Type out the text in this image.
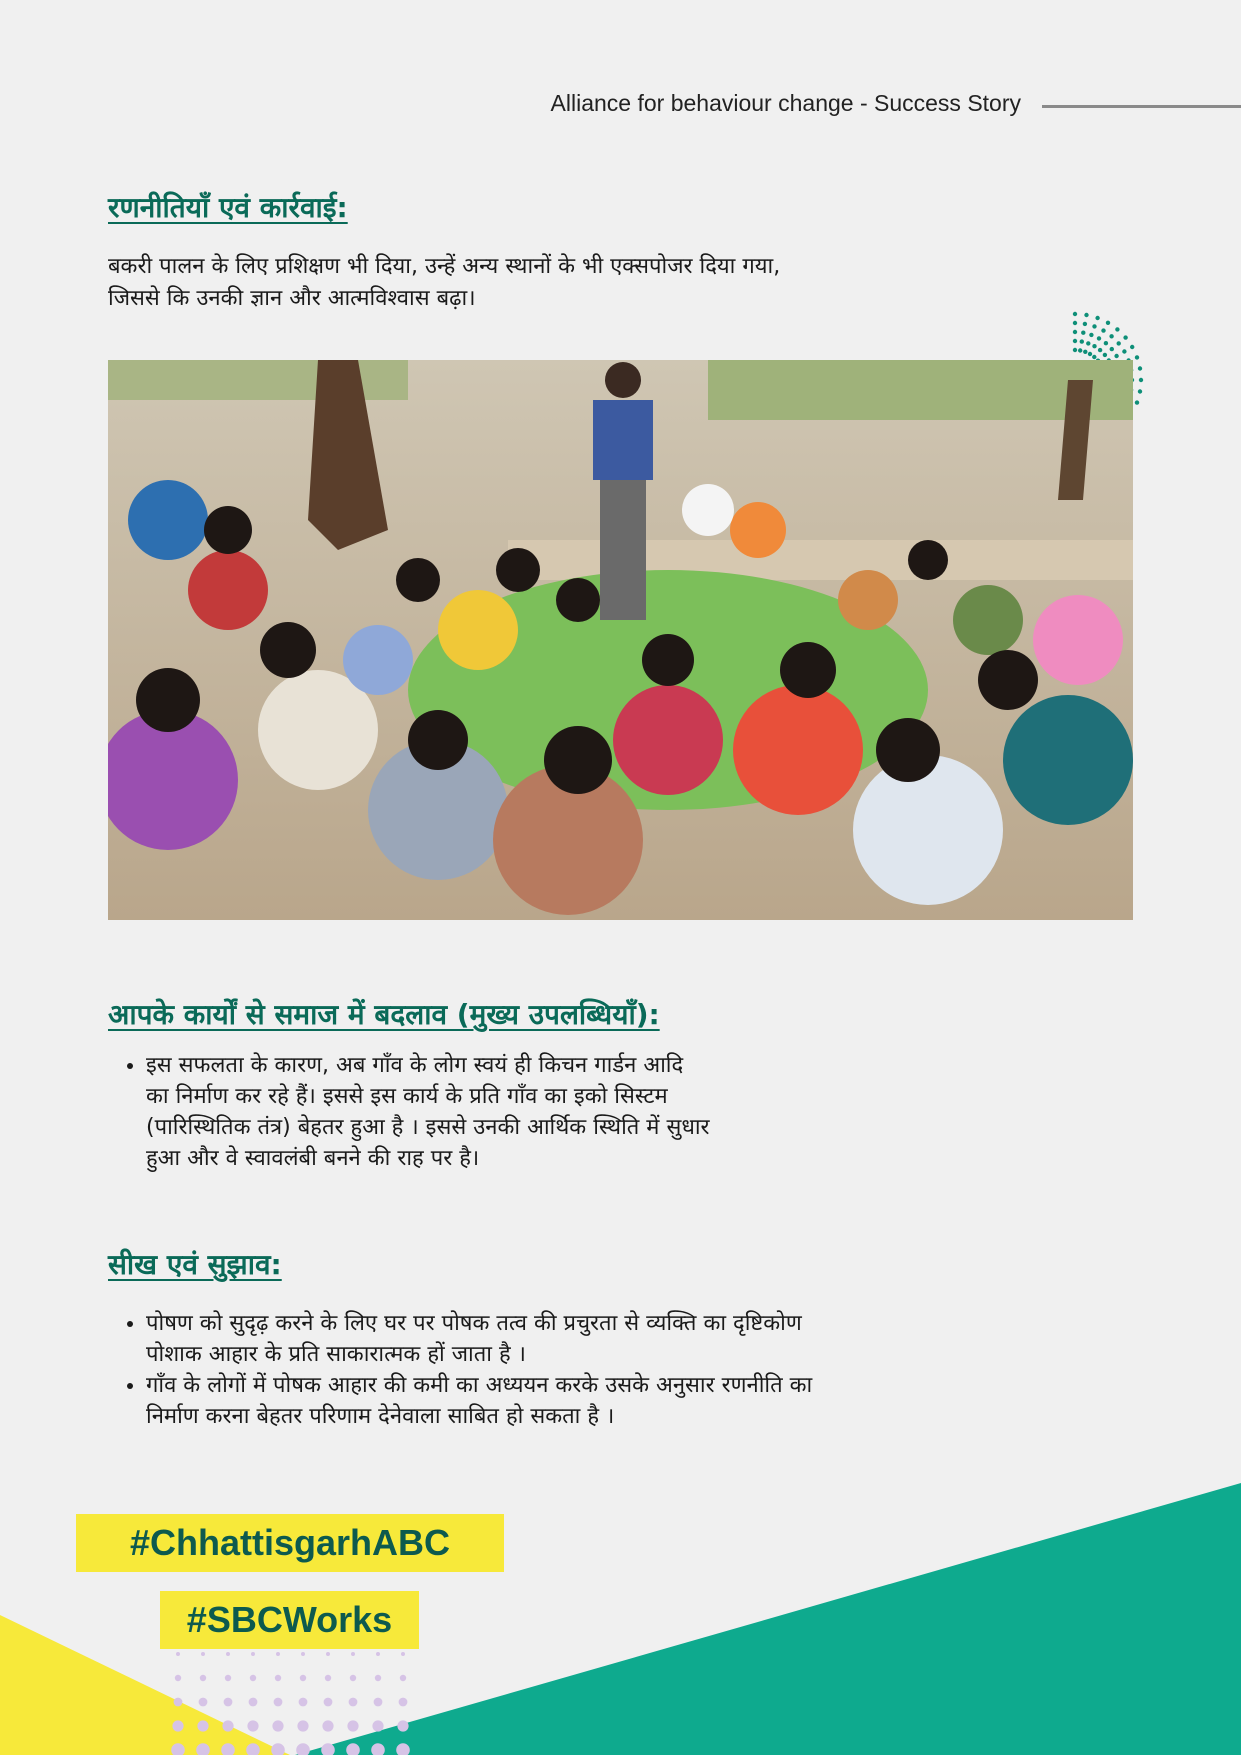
Alliance for behaviour change - Success Story
रणनीतियाँ एवं कार्रवाई:

बकरी पालन के लिए प्रशिक्षण भी दिया, उन्हें अन्य स्थानों के भी एक्सपोजर दिया गया,
जिससे कि उनकी ज्ञान और आत्मविश्वास बढ़ा।

आपके कार्यों से समाज में बदलाव (मुख्य उपलब्धियाँ):
• इस सफलता के कारण, अब गाँव के लोग स्वयं ही किचन गार्डन आदि
का निर्माण कर रहे हैं। इससे इस कार्य के प्रति गाँव का इको सिस्टम
(पारिस्थितिक तंत्र) बेहतर हुआ है । इससे उनकी आर्थिक स्थिति में सुधार
हुआ और वे स्वावलंबी बनने की राह पर है।
सीख एवं सुझाव:
• पोषण को सुदृढ़ करने के लिए घर पर पोषक तत्व की प्रचुरता से व्यक्ति का दृष्टिकोण
पोशाक आहार के प्रति साकारात्मक हों जाता है ।
• गाँव के लोगों में पोषक आहार की कमी का अध्ययन करके उसके अनुसार रणनीति का
निर्माण करना बेहतर परिणाम देनेवाला साबित हो सकता है ।
#ChhattisgarhABC
#SBCWorks
